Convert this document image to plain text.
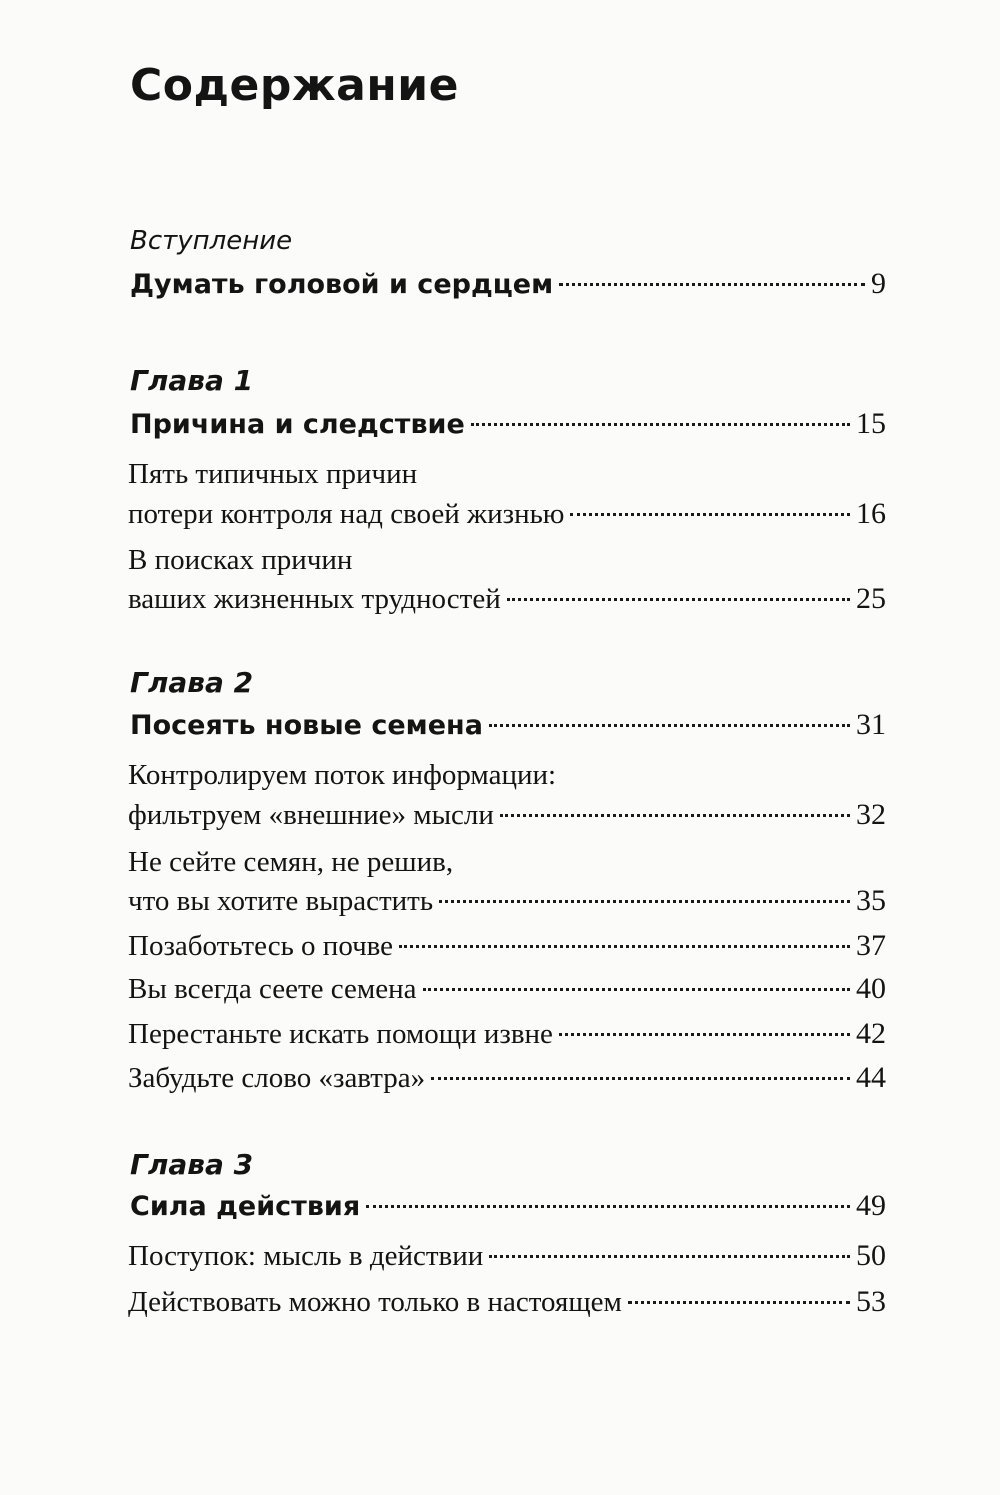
Содержание
Вступление
Думать головой и сердцем	9
Глава 1
Причина и следствие	15
Пять типичных причин
потери контроля над своей жизнью	16
В поисках причин
ваших жизненных трудностей	25
Глава 2
Посеять новые семена	31
Контролируем поток информации:
фильтруем «внешние» мысли	32
Не сейте семян, не решив,
что вы хотите вырастить	35
Позаботьтесь о почве	37
Вы всегда сеете семена	40
Перестаньте искать помощи извне	42
Забудьте слово «завтра»	44
Глава 3
Сила действия	49
Поступок: мысль в действии	50
Действовать можно только в настоящем	53
